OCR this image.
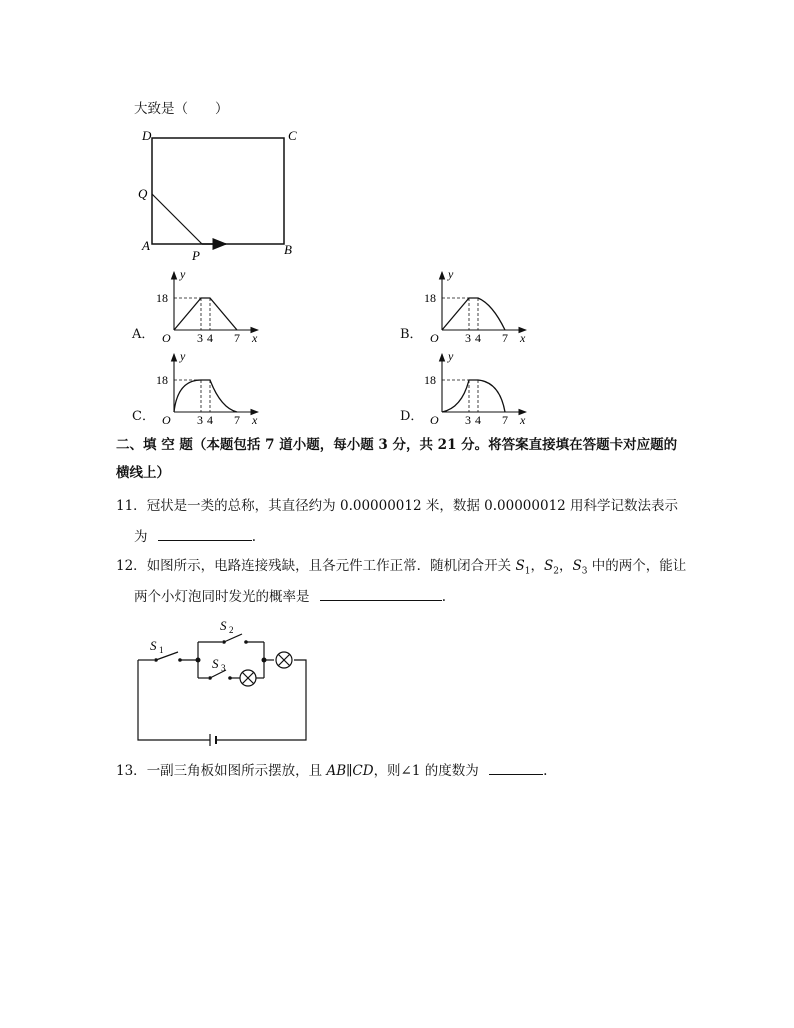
大致是（　　）
D	C
Q
A
P	B
A．
y
x
O
18
3 4 7	B．
y
x
O
18
3 4 7
C．
y
x
O
18
3 4 7	D．
y
x
O
18
3 4 7
二、填 空 题（本题包括 7 道小题，每小题 3 分，共 21 分。将答案直接填在答题卡对应题的
横线上）
11．冠状是一类的总称，其直径约为 0.00000012 米，数据 0.00000012 用科学记数法表示
为	.
12．如图所示，电路连接残缺，且各元件工作正常．随机闭合开关 $S_1$，$S_2$，$S_3$ 中的两个，能让
两个小灯泡同时发光的概率是	.
S 1
S 2
S 3
13．一副三角板如图所示摆放，且 AB∥CD，则∠1 的度数为	.
